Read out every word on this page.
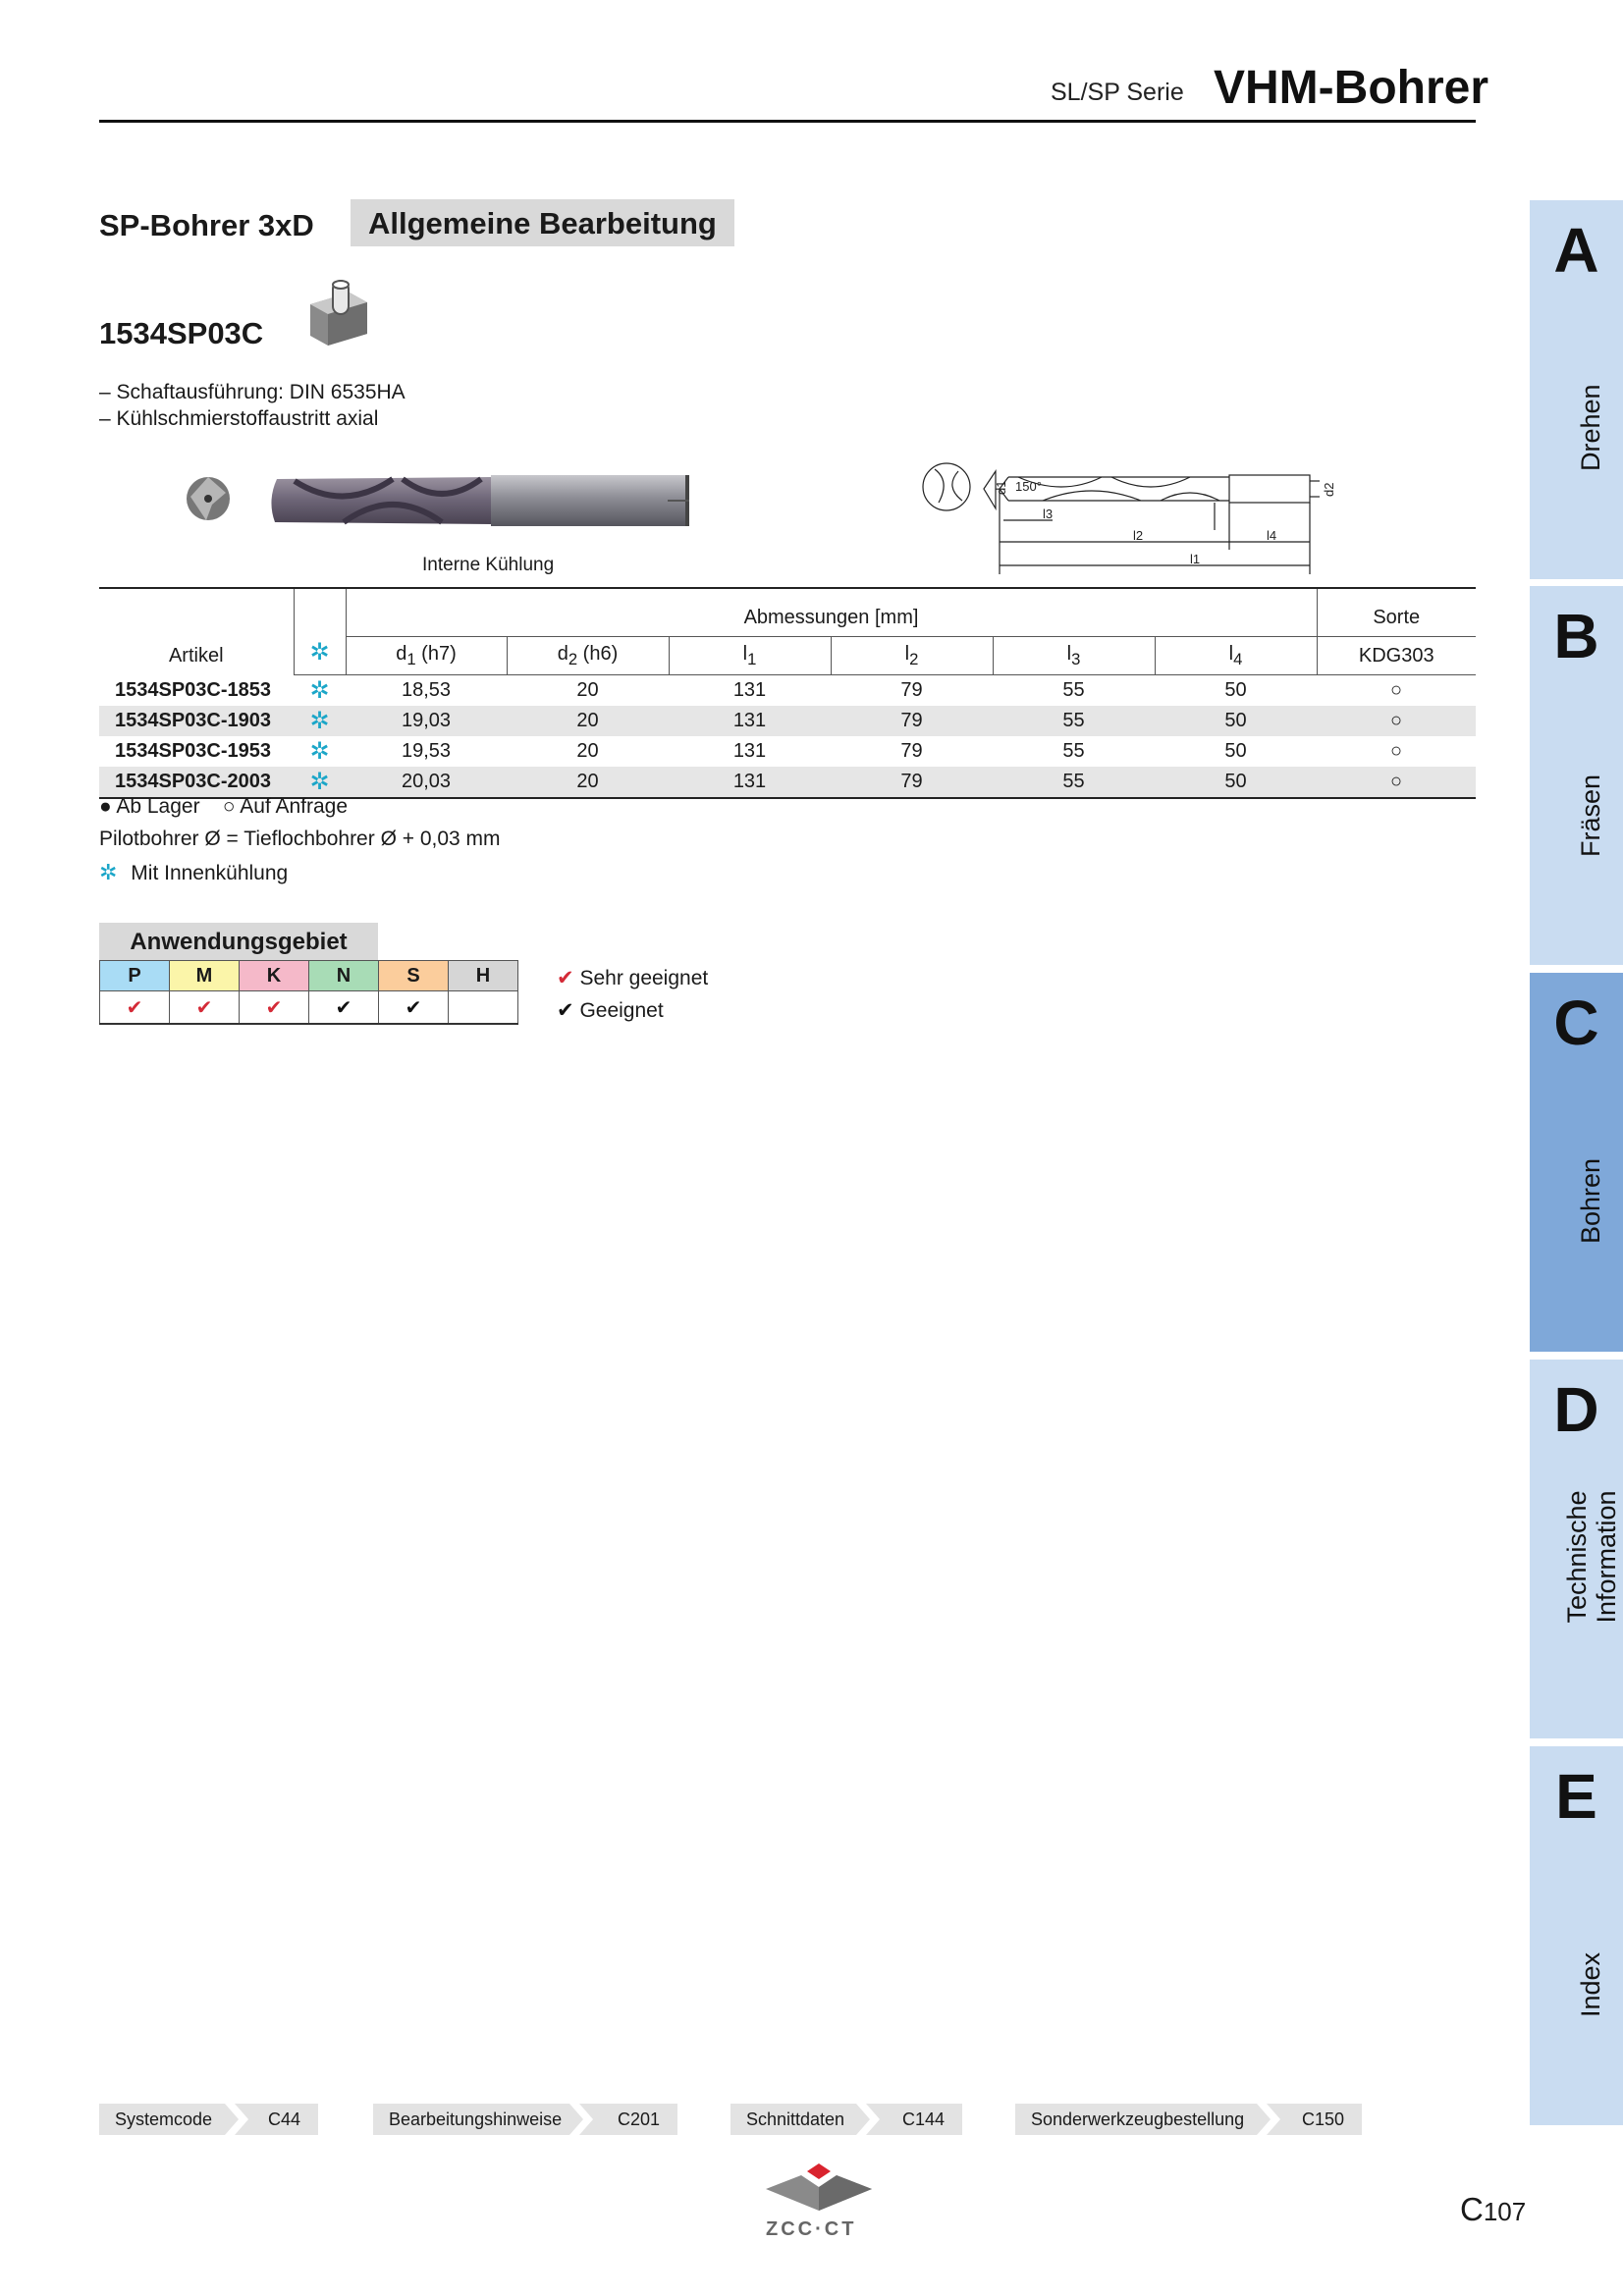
SL/SP Serie VHM-Bohrer
SP-Bohrer 3xD	Allgemeine Bearbeitung
1534SP03C
– Schaftausführung: DIN 6535HA
– Kühlschmierstoffaustritt axial
Interne Kühlung
150°
l3
l2	l4
l1
d1	d2
Artikel	✲	Abmessungen [mm]						Sorte
		$d_1$ (h7)	$d_2$ (h6)	$l_1$	$l_2$	$l_3$	$l_4$	KDG303
1534SP03C-1853	✲	18,53	20	131	79	55	50	○
1534SP03C-1903	✲	19,03	20	131	79	55	50	○
1534SP03C-1953	✲	19,53	20	131	79	55	50	○
1534SP03C-2003	✲	20,03	20	131	79	55	50	○
● Ab Lager    ○ Auf Anfrage
Pilotbohrer Ø = Tieflochbohrer Ø + 0,03 mm
✲ Mit Innenkühlung
Anwendungsgebiet
P	M	K	N	S	H
✔	✔	✔	✔	✔	
✔ Sehr geeignet
✔ Geeignet
A
Drehen
B
Fräsen
C
Bohren
D
Technische Information
E
Index
Systemcode	C44	Bearbeitungshinweise	C201	Schnittdaten	C144	Sonderwerkzeugbestellung	C150
ZCC·CT
C107
